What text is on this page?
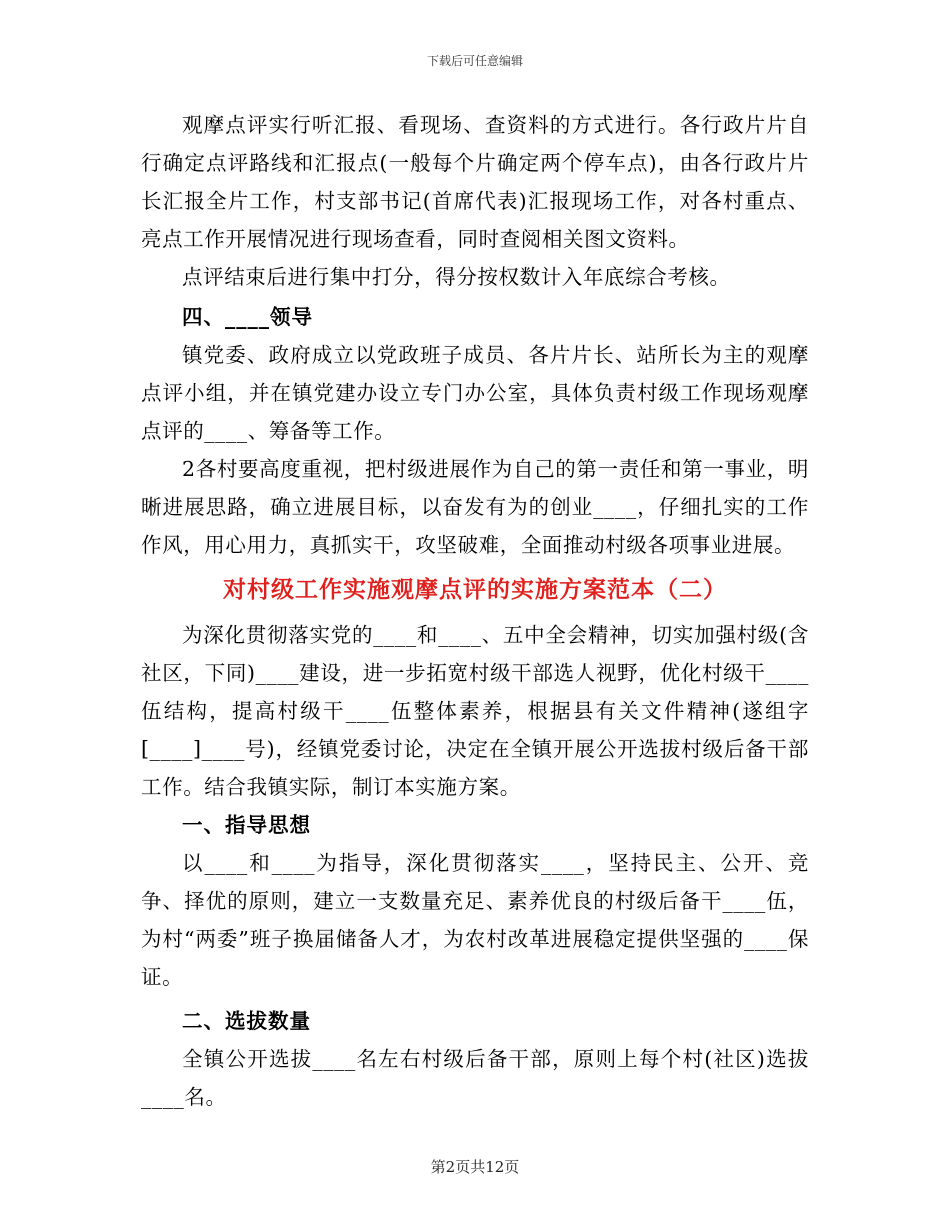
下载后可任意编辑

观摩点评实行听汇报、看现场、查资料的方式进行。各行政片片自行确定点评路线和汇报点(一般每个片确定两个停车点)，由各行政片片长汇报全片工作，村支部书记(首席代表)汇报现场工作，对各村重点、亮点工作开展情况进行现场查看，同时查阅相关图文资料。

点评结束后进行集中打分，得分按权数计入年底综合考核。

四、____领导

镇党委、政府成立以党政班子成员、各片片长、站所长为主的观摩点评小组，并在镇党建办设立专门办公室，具体负责村级工作现场观摩点评的____、筹备等工作。

2各村要高度重视，把村级进展作为自己的第一责任和第一事业，明晰进展思路，确立进展目标，以奋发有为的创业____，仔细扎实的工作作风，用心用力，真抓实干，攻坚破难，全面推动村级各项事业进展。

对村级工作实施观摩点评的实施方案范本（二）

为深化贯彻落实党的____和____、五中全会精神，切实加强村级(含社区，下同)____建设，进一步拓宽村级干部选人视野，优化村级干____伍结构，提高村级干____伍整体素养，根据县有关文件精神(遂组字[____]____号)，经镇党委讨论，决定在全镇开展公开选拔村级后备干部工作。结合我镇实际，制订本实施方案。

一、指导思想

以____和____为指导，深化贯彻落实____，坚持民主、公开、竞争、择优的原则，建立一支数量充足、素养优良的村级后备干____伍，为村“两委”班子换届储备人才，为农村改革进展稳定提供坚强的____保证。

二、选拔数量

全镇公开选拔____名左右村级后备干部，原则上每个村(社区)选拔____名。

第2页共12页
